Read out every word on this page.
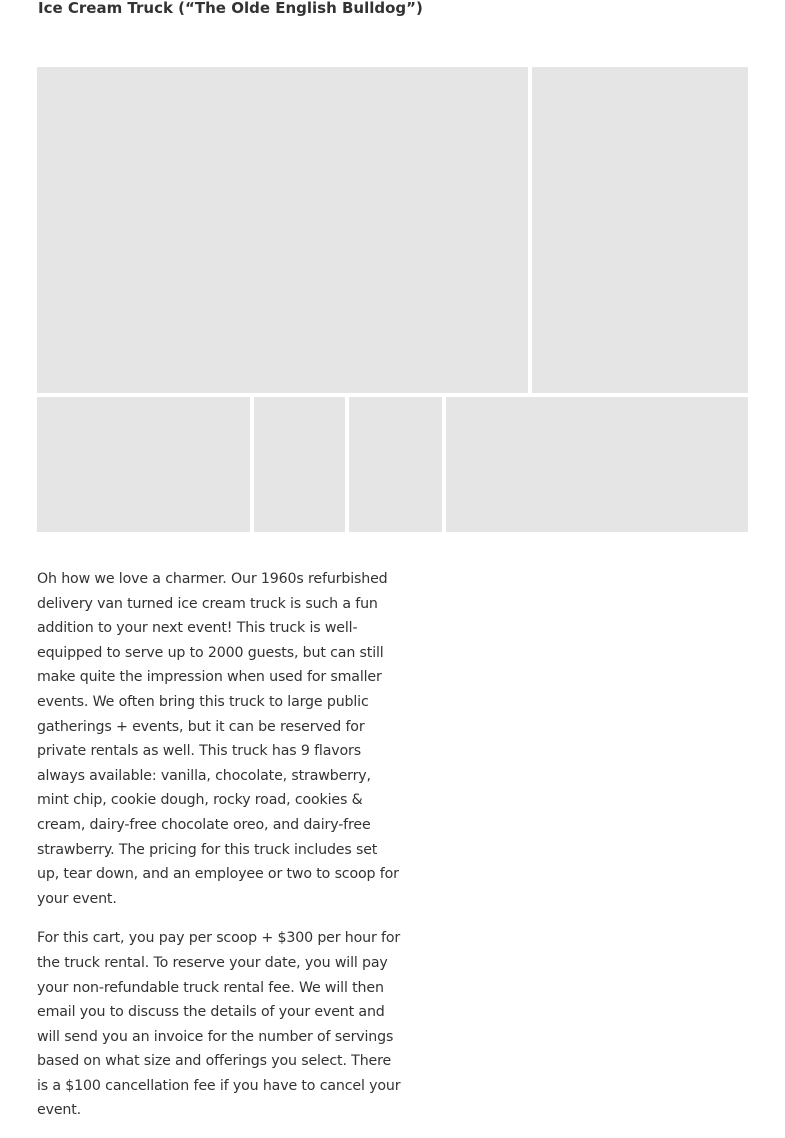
Ice Cream Truck (“The Olde English Bulldog”)

Oh how we love a charmer. Our 1960s refurbished delivery van turned ice cream truck is such a fun addition to your next event! This truck is well-equipped to serve up to 2000 guests, but can still make quite the impression when used for smaller events. We often bring this truck to large public gatherings + events, but it can be reserved for private rentals as well. This truck has 9 flavors always available: vanilla, chocolate, strawberry, mint chip, cookie dough, rocky road, cookies & cream, dairy-free chocolate oreo, and dairy-free strawberry. The pricing for this truck includes set up, tear down, and an employee or two to scoop for your event.

For this cart, you pay per scoop + $300 per hour for the truck rental. To reserve your date, you will pay your non-refundable truck rental fee. We will then email you to discuss the details of your event and will send you an invoice for the number of servings based on what size and offerings you select. There is a $100 cancellation fee if you have to cancel your event.
